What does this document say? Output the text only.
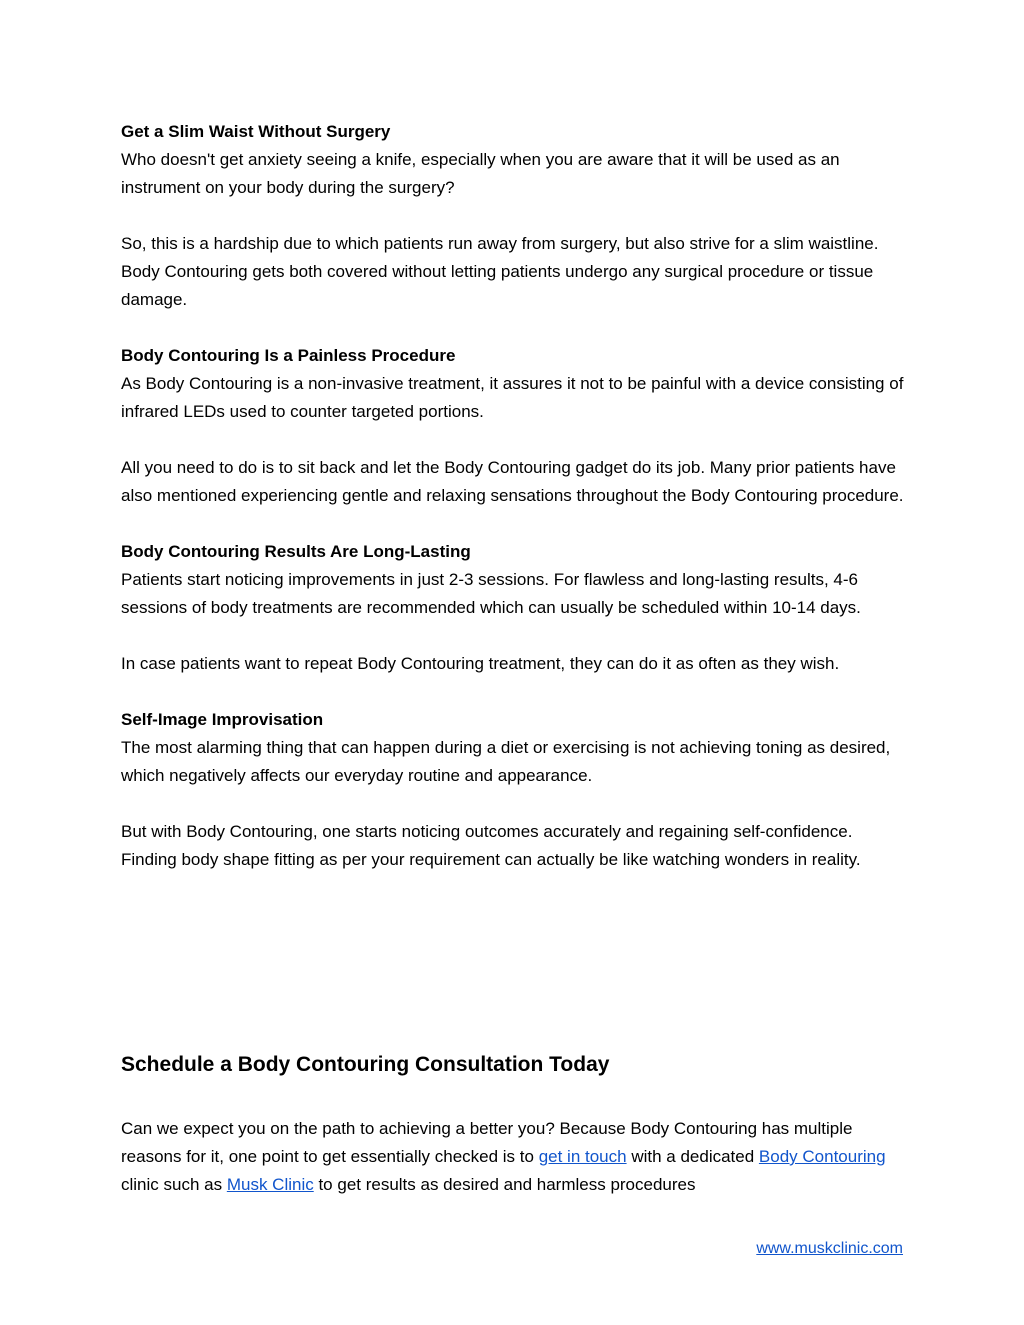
Get a Slim Waist Without Surgery

Who doesn't get anxiety seeing a knife, especially when you are aware that it will be used as an instrument on your body during the surgery?

So, this is a hardship due to which patients run away from surgery, but also strive for a slim waistline. Body Contouring gets both covered without letting patients undergo any surgical procedure or tissue damage.

Body Contouring Is a Painless Procedure

As Body Contouring is a non-invasive treatment, it assures it not to be painful with a device consisting of infrared LEDs used to counter targeted portions.

All you need to do is to sit back and let the Body Contouring gadget do its job. Many prior patients have also mentioned experiencing gentle and relaxing sensations throughout the Body Contouring procedure.

Body Contouring Results Are Long-Lasting

Patients start noticing improvements in just 2-3 sessions. For flawless and long-lasting results, 4-6 sessions of body treatments are recommended which can usually be scheduled within 10-14 days.

In case patients want to repeat Body Contouring treatment, they can do it as often as they wish.

Self-Image Improvisation

The most alarming thing that can happen during a diet or exercising is not achieving toning as desired, which negatively affects our everyday routine and appearance.

But with Body Contouring, one starts noticing outcomes accurately and regaining self-confidence. Finding body shape fitting as per your requirement can actually be like watching wonders in reality.

Schedule a Body Contouring Consultation Today

Can we expect you on the path to achieving a better you? Because Body Contouring has multiple reasons for it, one point to get essentially checked is to get in touch with a dedicated Body Contouring clinic such as Musk Clinic to get results as desired and harmless procedures

www.muskclinic.com
